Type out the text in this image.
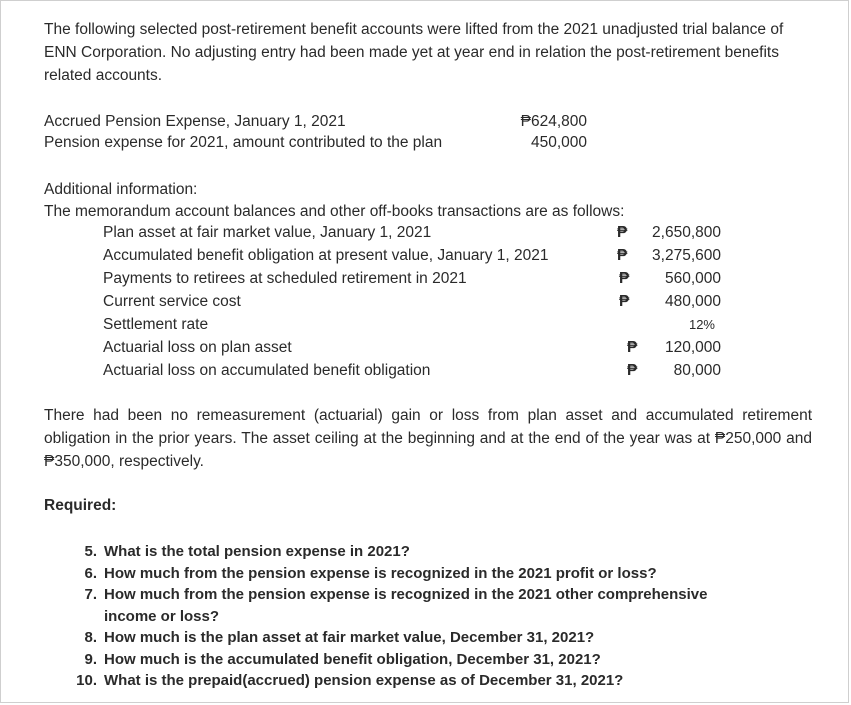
The following selected post-retirement benefit accounts were lifted from the 2021 unadjusted trial balance of ENN Corporation. No adjusting entry had been made yet at year end in relation the post-retirement benefits related accounts.

Accrued Pension Expense, January 1, 2021	₱624,800
Pension expense for 2021, amount contributed to the plan	450,000
Additional information:
The memorandum account balances and other off-books transactions are as follows:
Plan asset at fair market value, January 1, 2021	₱	2,650,800
Accumulated benefit obligation at present value, January 1, 2021	₱	3,275,600
Payments to retirees at scheduled retirement in 2021	₱	560,000
Current service cost	₱	480,000
Settlement rate	12%
Actuarial loss on plan asset	₱	120,000
Actuarial loss on accumulated benefit obligation	₱	80,000

There had been no remeasurement (actuarial) gain or loss from plan asset and accumulated retirement obligation in the prior years. The asset ceiling at the beginning and at the end of the year was at ₱250,000 and ₱350,000, respectively.

Required:
5. What is the total pension expense in 2021?
6. How much from the pension expense is recognized in the 2021 profit or loss?
7. How much from the pension expense is recognized in the 2021 other comprehensive income or loss?
8. How much is the plan asset at fair market value, December 31, 2021?
9. How much is the accumulated benefit obligation, December 31, 2021?
10. What is the prepaid(accrued) pension expense as of December 31, 2021?
